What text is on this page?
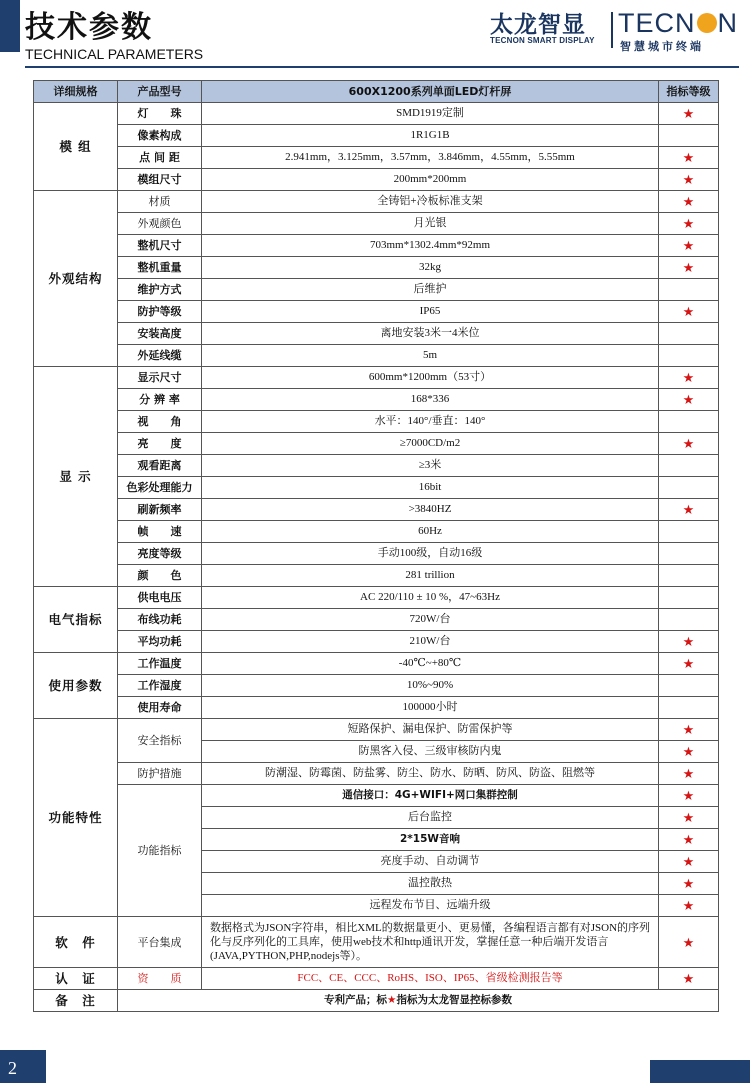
技术参数
TECHNICAL PARAMETERS
太龙智显
TECNON SMART DISPLAY
TECN N
智慧城市终端
详细规格	产品型号	600X1200系列单面LED灯杆屏	指标等级
模 组	灯　　珠	SMD1919定制	★
	像素构成	1R1G1B	
	点 间 距	2.941mm，3.125mm，3.57mm，3.846mm，4.55mm，5.55mm	★
	模组尺寸	200mm*200mm	★
外观结构	材质	全铸铝+冷板标准支架	★
	外观颜色	月光银	★
	整机尺寸	703mm*1302.4mm*92mm	★
	整机重量	32kg	★
	维护方式	后维护	
	防护等级	IP65	★
	安装高度	离地安装3米一4米位	
	外延线缆	5m	
显 示	显示尺寸	600mm*1200mm（53寸）	★
	分 辨 率	168*336	★
	视　　角	水平：140°/垂直：140°	
	亮　　度	≥7000CD/m2	★
	观看距离	≥3米	
	色彩处理能力	16bit	
	刷新频率	>3840HZ	★
	帧　　速	60Hz	
	亮度等级	手动100级，自动16级	
	颜　　色	281 trillion	
电气指标	供电电压	AC 220/110 ± 10 %，47~63Hz	
	布线功耗	720W/台	
	平均功耗	210W/台	★
使用参数	工作温度	-40℃~+80℃	★
	工作湿度	10%~90%	
	使用寿命	100000小时	
功能特性	安全指标	短路保护、漏电保护、防雷保护等	★
		防黑客入侵、三级审核防内鬼	★
	防护措施	防潮湿、防霉菌、防盐雾、防尘、防水、防晒、防风、防盗、阻燃等	★
	功能指标	通信接口：4G+WIFI+网口集群控制	★
		后台监控	★
		2*15W音响	★
		亮度手动、自动调节	★
		温控散热	★
		远程发布节目、远端升级	★
软　件	平台集成	数据格式为JSON字符串，相比XML的数据量更小、更易懂，各编程语言都有对JSON的序列化与反序列化的工具库，使用web技术和http通讯开发，掌握任意一种后端开发语言(JAVA,PYTHON,PHP,nodejs等）。	★
认　证	资　　质	FCC、CE、CCC、RoHS、ISO、IP65、省级检测报告等	★
备　注	专利产品；标★指标为太龙智显控标参数		
2
